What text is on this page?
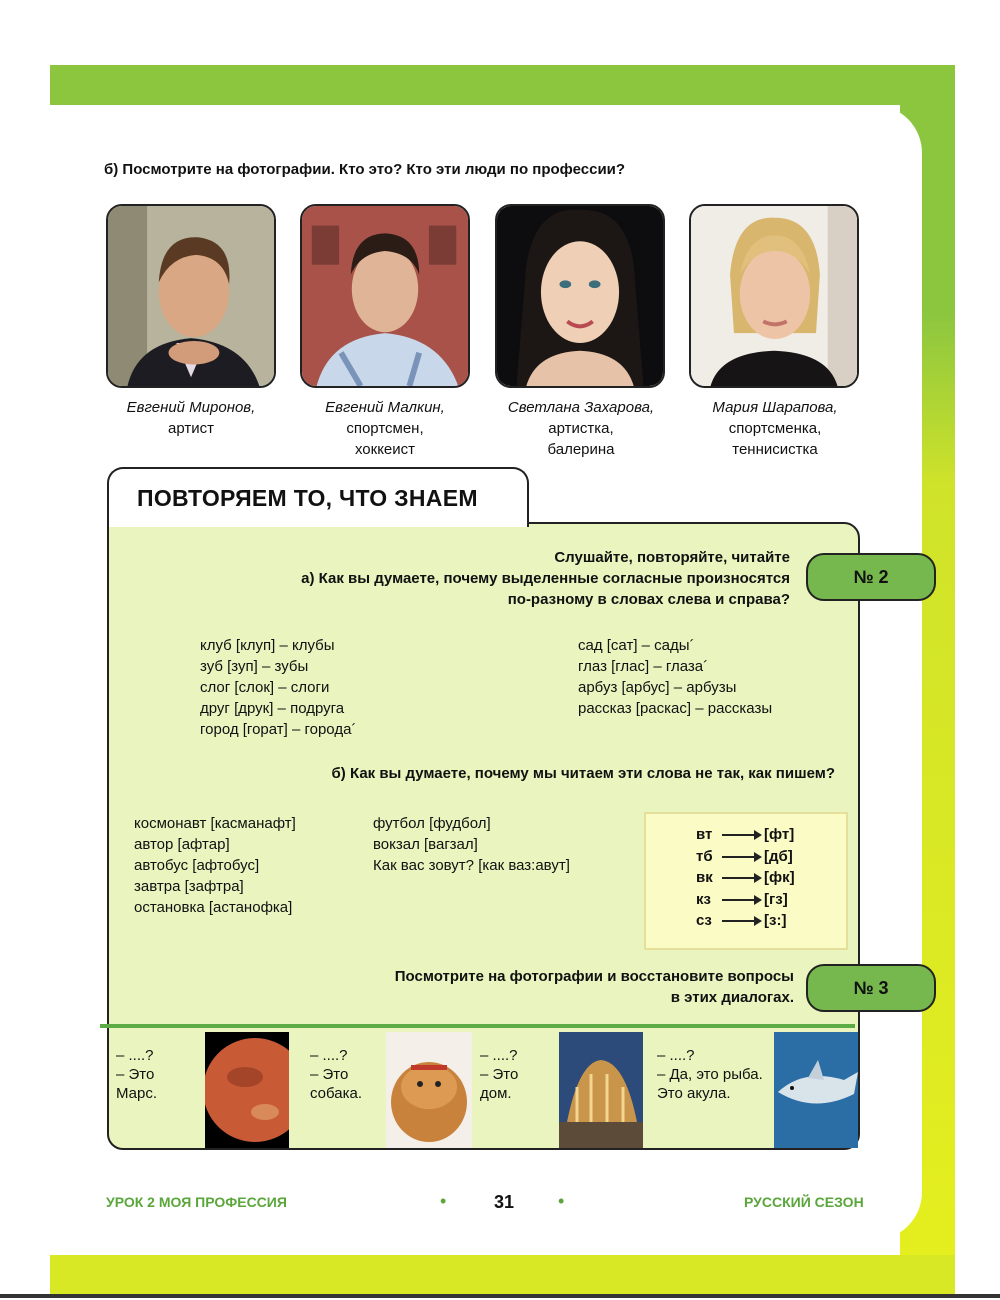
б) Посмотрите на фотографии. Кто это? Кто эти люди по профессии?
Евгений Миронов,
артист
Евгений Малкин,
спортсмен,
хоккеист
Светлана Захарова,
артистка,
балерина
Мария Шарапова,
спортсменка,
теннисистка
ПОВТОРЯЕМ ТО, ЧТО ЗНАЕМ
Слушайте, повторяйте, читайте
а) Как вы думаете, почему выделенные согласные произносятся
по-разному в словах слева и справа?
№ 2
клуб [клуп] – клубы
зуб [зуп] – зубы
слог [слок] – слоги
друг [друк] – подруга
город [горат] – города´
сад [сат] – сады´
глаз [глас] – глаза´
арбуз [арбус] – арбузы
рассказ [раскас] – рассказы
б) Как вы думаете, почему мы читаем эти слова не так, как пишем?
космонавт [касманафт]
автор [афтар]
автобус [афтобус]
завтра [зафтра]
остановка [астанофка]
футбол [фудбол]
вокзал [вагзал]
Как вас зовут? [как ваз:авут]
вт	[фт]
тб	[дб]
вк	[фк]
кз	[гз]
сз	[з:]
Посмотрите на фотографии и восстановите вопросы
в этих диалогах.	№ 3
– ....?
– Это
Марс.
– ....?
– Это
собака.
– ....?
– Это
дом.
– ....?
– Да, это рыба.
Это акула.
УРОК 2 МОЯ ПРОФЕССИЯ	•	31 •	РУССКИЙ СЕЗОН
